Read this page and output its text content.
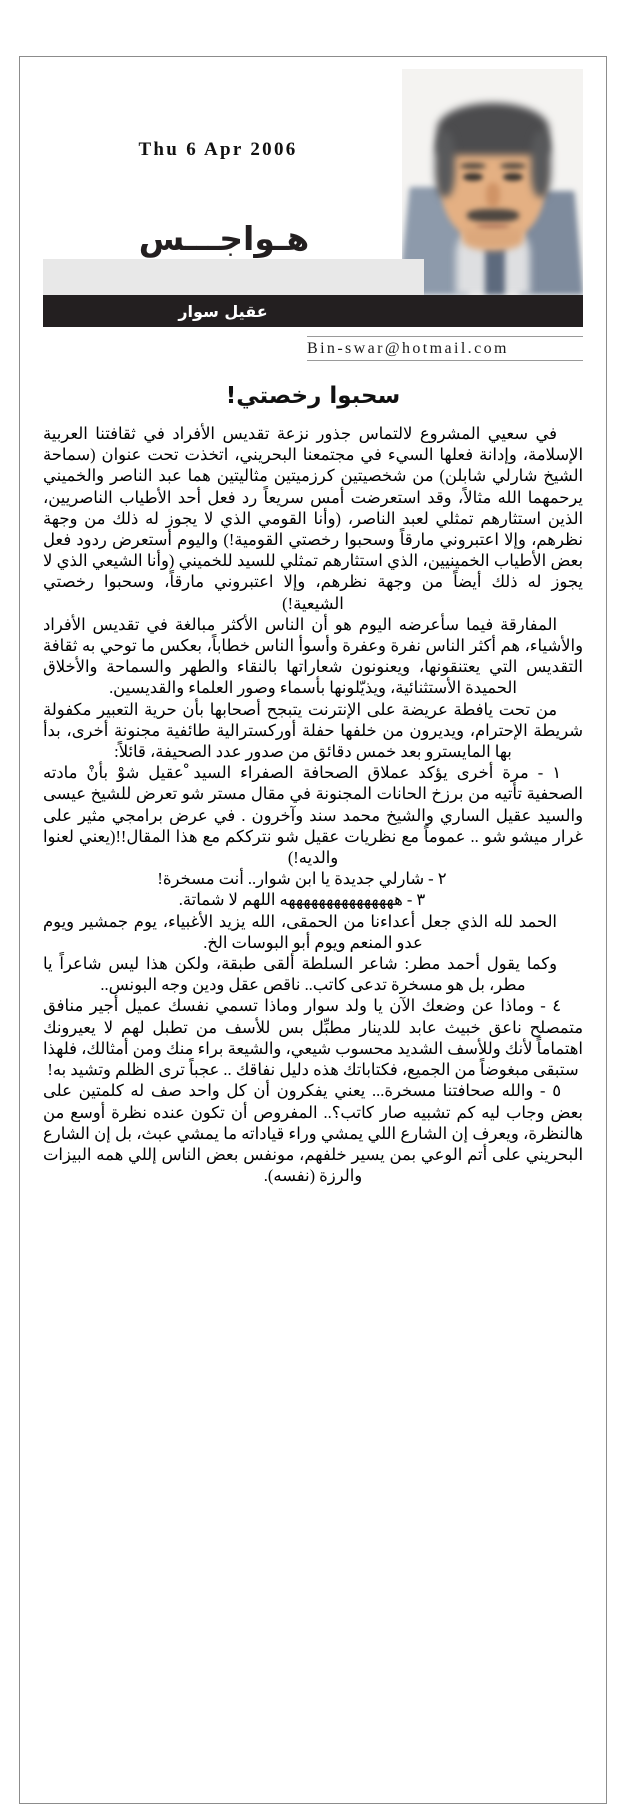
Thu 6 Apr 2006
هـواجـــس
عقيل سوار
Bin-swar@hotmail.com
سحبوا رخصتي!

في سعيي المشروع لالتماس جذور نزعة تقديس الأفراد في ثقافتنا العربية الإسلامة، وإدانة فعلها السيء في مجتمعنا البحريني، اتخذت تحت عنوان (سماحة الشيخ شارلي شابلن) من شخصيتين كرزميتين مثاليتين هما عبد الناصر والخميني يرحمهما الله مثالاً، وقد استعرضت أمس سريعاً رد فعل أحد الأطياب الناصريين، الذين استثارهم تمثلي لعبد الناصر، (وأنا القومي الذي لا يجوز له ذلك من وجهة نظرهم، وإلا اعتبروني مارقاً وسحبوا رخصتي القومية!) واليوم أستعرض ردود فعل بعض الأطياب الخمينيين، الذي استثارهم تمثلي للسيد للخميني (وأنا الشيعي الذي لا يجوز له ذلك أيضاً من وجهة نظرهم، وإلا اعتبروني مارقاً، وسحبوا رخصتي الشيعية!)

المفارقة فيما سأعرضه اليوم هو أن الناس الأكثر مبالغة في تقديس الأفراد والأشياء، هم أكثر الناس نفرة وعفرة وأسوأ الناس خطاباً، بعكس ما توحي به ثقافة التقديس التي يعتنقونها، ويعنونون شعاراتها بالنقاء والطهر والسماحة والأخلاق الحميدة الأستثنائية، ويذيّلونها بأسماء وصور العلماء والقديسين.

من تحت يافطة عريضة على الإنترنت يتبجح أصحابها بأن حرية التعبير مكفولة شريطة الإحترام، ويديرون من خلفها حفلة أوركسترالية طائفية مجنونة أخرى، بدأ بها المايسترو بعد خمس دقائق من صدور عدد الصحيفة، قائلاً:

١ - مرة أخرى يؤكد عملاق الصحافة الصفراء السيد ْعقيل شوْ بأنْ مادته الصحفية تأتيه من برزخ الحانات المجنونة في مقال مستر شو تعرض للشيخ عيسى والسيد عقيل الساري والشيخ محمد سند وآخرون . في عرض برامجي مثير على غرار ميشو شو .. عموماً مع نظريات عقيل شو نترككم مع هذا المقال!!(يعني لعنوا والديه!)

٢ - شارلي جديدة يا ابن شوار.. أنت مسخرة!

٣ - هههههههههههههههه اللهم لا شماتة.

الحمد لله الذي جعل أعداءنا من الحمقى، الله يزيد الأغبياء، يوم جمشير ويوم عدو المنعم ويوم أبو البوسات الخ.

وكما يقول أحمد مطر: شاعر السلطة ألقى طبقة، ولكن هذا ليس شاعراً يا مطر، بل هو مسخرة تدعى كاتب.. ناقص عقل ودين وجه البونس..

٤ - وماذا عن وضعك الآن يا ولد سوار وماذا تسمي نفسك عميل أجير منافق متمصلح ناعق خبيث عابد للدينار مطبِّل بس للأسف من تطبل لهم لا يعيرونك اهتماماً لأنك وللأسف الشديد محسوب شيعي، والشيعة براء منك ومن أمثالك، فلهذا ستبقى مبغوضاً من الجميع، فكتاباتك هذه دليل نفاقك .. عجباً ترى الظلم وتشيد به!

٥ - والله صحافتنا مسخرة... يعني يفكرون أن كل واحد صف له كلمتين على بعض وجاب ليه كم تشبيه صار كاتب؟.. المفروص أن تكون عنده نظرة أوسع من هالنظرة، ويعرف إن الشارع اللي يمشي وراء قياداته ما يمشي عبث، بل إن الشارع البحريني على أتم الوعي بمن يسير خلفهم، مونفس بعض الناس إللي همه البيزات والرزة (نفسه).
